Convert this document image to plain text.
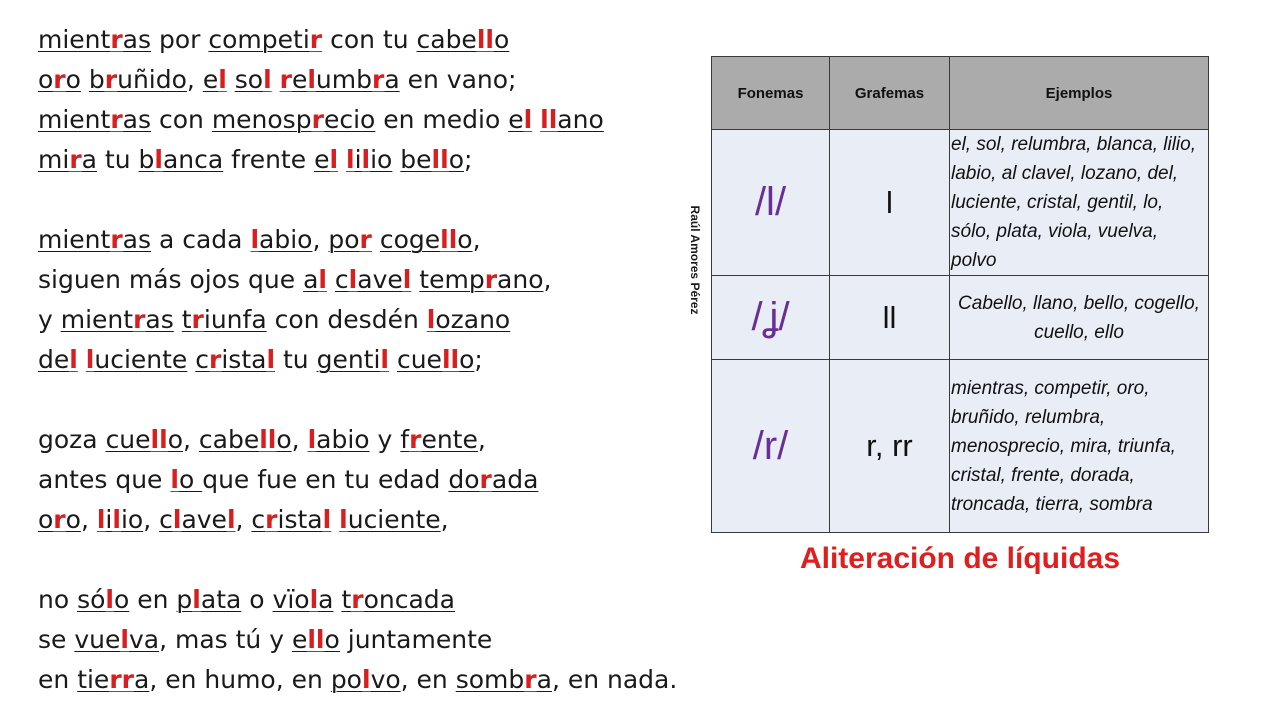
mientras por competir con tu cabello
oro bruñido, el sol relumbra en vano;
mientras con menosprecio en medio el llano
mira tu blanca frente el lilio bello;
mientras a cada labio, por cogello,
siguen más ojos que al clavel temprano,
y mientras triunfa con desdén lozano
del luciente cristal tu gentil cuello;
goza cuello, cabello, labio y frente,
antes que lo que fue en tu edad dorada
oro, lilio, clavel, cristal luciente,
no sólo en plata o vïola troncada
se vuelva, mas tú y ello juntamente
en tierra, en humo, en polvo, en sombra, en nada.
Fonemas	Grafemas	Ejemplos
/l/	l	el, sol, relumbra, blanca, lilio, labio, al clavel, lozano, del, luciente, cristal, gentil, lo, sólo, plata, viola, vuelva, polvo
/ʝ/	ll	Cabello, llano, bello, cogello, cuello, ello
/r/	r, rr	mientras, competir, oro, bruñido, relumbra, menosprecio, mira, triunfa, cristal, frente, dorada, troncada, tierra, sombra
Raúl Amores Pérez
Aliteración de líquidas
